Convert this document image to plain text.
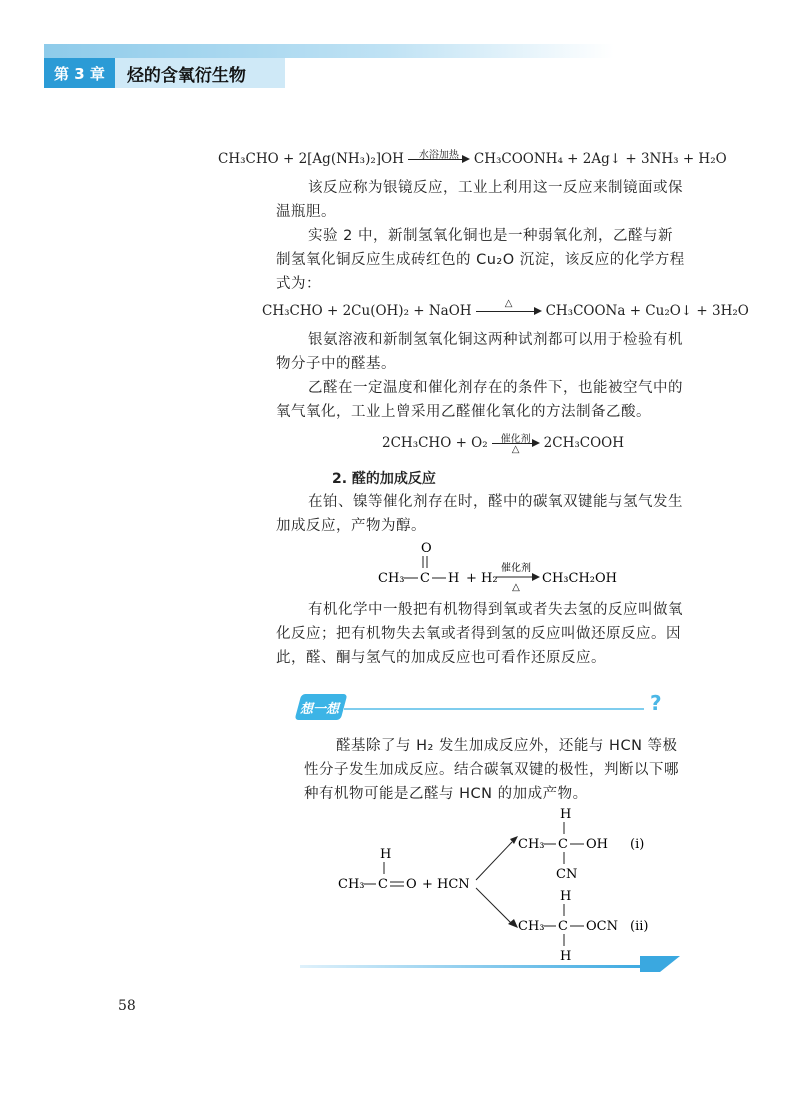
第 3 章	烃的含氧衍生物
CH₃CHO + 2[Ag(NH₃)₂]OH	水浴加热	CH₃COONH₄ + 2Ag↓ + 3NH₃ + H₂O
该反应称为银镜反应，工业上利用这一反应来制镜面或保温瓶胆。
实验 2 中，新制氢氧化铜也是一种弱氧化剂，乙醛与新制氢氧化铜反应生成砖红色的 Cu₂O 沉淀，该反应的化学方程式为：
CH₃CHO + 2Cu(OH)₂ + NaOH	△	CH₃COONa + Cu₂O↓ + 3H₂O
银氨溶液和新制氢氧化铜这两种试剂都可以用于检验有机物分子中的醛基。
乙醛在一定温度和催化剂存在的条件下，也能被空气中的氧气氧化，工业上曾采用乙醛催化氧化的方法制备乙酸。
2CH₃CHO + O₂	催化剂
△	2CH₃COOH
2. 醛的加成反应
在铂、镍等催化剂存在时，醛中的碳氧双键能与氢气发生加成反应，产物为醇。
O
CH₃ C H + H₂
催化剂
△
CH₃CH₂OH
有机化学中一般把有机物得到氧或者失去氢的反应叫做氧化反应；把有机物失去氧或者得到氢的反应叫做还原反应。因此，醛、酮与氢气的加成反应也可看作还原反应。
想一想	?
醛基除了与 H₂ 发生加成反应外，还能与 HCN 等极性分子发生加成反应。结合碳氧双键的极性，判断以下哪种有机物可能是乙醛与 HCN 的加成产物。
H
CH₃ C O + HCN
H
CH₃ C OH
CN
(i)
H
CH₃ C OCN
H
(ii)
58
